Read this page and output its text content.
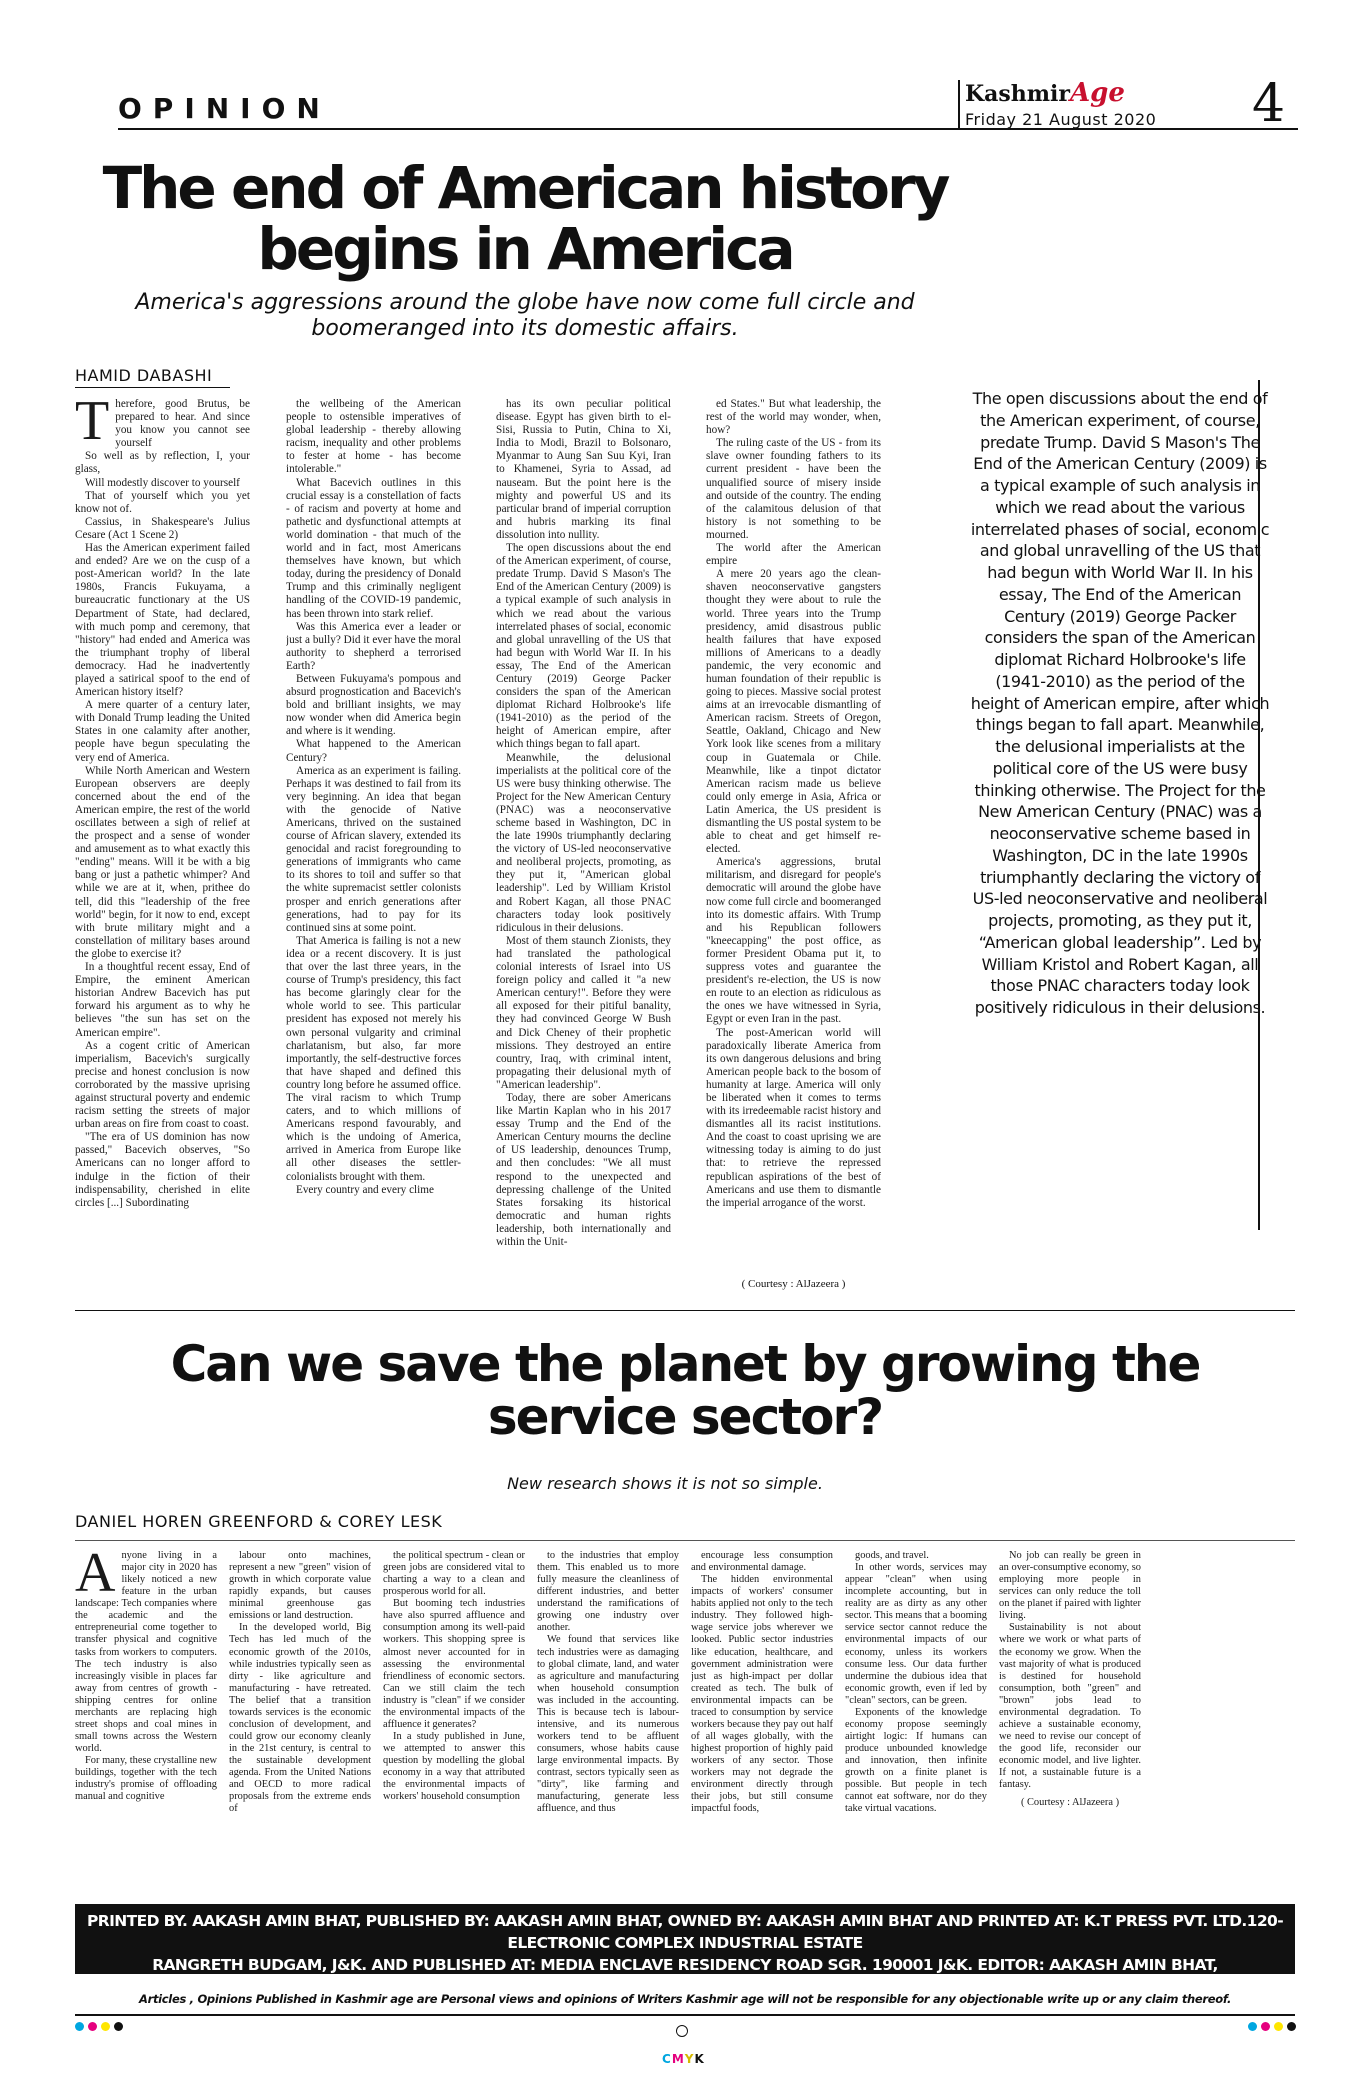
OPINION	KashmirAge
Friday 21 August 2020 4
The end of American history begins in America
America's aggressions around the globe have now come full circle and boomeranged into its domestic affairs.
HAMID DABASHI
T herefore, good Brutus, be prepared to hear. And since you know you cannot see yourself

So well as by reflection, I, your glass,

Will modestly discover to yourself

That of yourself which you yet know not of.

Cassius, in Shakespeare's Julius Cesare (Act 1 Scene 2)

Has the American experiment failed and ended? Are we on the cusp of a post-American world? In the late 1980s, Francis Fukuyama, a bureaucratic functionary at the US Department of State, had declared, with much pomp and ceremony, that "history" had ended and America was the triumphant trophy of liberal democracy. Had he inadvertently played a satirical spoof to the end of American history itself?

A mere quarter of a century later, with Donald Trump leading the United States in one calamity after another, people have begun speculating the very end of America.

While North American and Western European observers are deeply concerned about the end of the American empire, the rest of the world oscillates between a sigh of relief at the prospect and a sense of wonder and amusement as to what exactly this "ending" means. Will it be with a big bang or just a pathetic whimper? And while we are at it, when, prithee do tell, did this "leadership of the free world" begin, for it now to end, except with brute military might and a constellation of military bases around the globe to exercise it?

In a thoughtful recent essay, End of Empire, the eminent American historian Andrew Bacevich has put forward his argument as to why he believes "the sun has set on the American empire".

As a cogent critic of American imperialism, Bacevich's surgically precise and honest conclusion is now corroborated by the massive uprising against structural poverty and endemic racism setting the streets of major urban areas on fire from coast to coast.

"The era of US dominion has now passed," Bacevich observes, "So Americans can no longer afford to indulge in the fiction of their indispensability, cherished in elite circles [...] Subordinating

the wellbeing of the American people to ostensible imperatives of global leadership - thereby allowing racism, inequality and other problems to fester at home - has become intolerable."

What Bacevich outlines in this crucial essay is a constellation of facts - of racism and poverty at home and pathetic and dysfunctional attempts at world domination - that much of the world and in fact, most Americans themselves have known, but which today, during the presidency of Donald Trump and this criminally negligent handling of the COVID-19 pandemic, has been thrown into stark relief.

Was this America ever a leader or just a bully? Did it ever have the moral authority to shepherd a terrorised Earth?

Between Fukuyama's pompous and absurd prognostication and Bacevich's bold and brilliant insights, we may now wonder when did America begin and where is it wending.

What happened to the American Century?

America as an experiment is failing. Perhaps it was destined to fail from its very beginning. An idea that began with the genocide of Native Americans, thrived on the sustained course of African slavery, extended its genocidal and racist foregrounding to generations of immigrants who came to its shores to toil and suffer so that the white supremacist settler colonists prosper and enrich generations after generations, had to pay for its continued sins at some point.

That America is failing is not a new idea or a recent discovery. It is just that over the last three years, in the course of Trump's presidency, this fact has become glaringly clear for the whole world to see. This particular president has exposed not merely his own personal vulgarity and criminal charlatanism, but also, far more importantly, the self-destructive forces that have shaped and defined this country long before he assumed office. The viral racism to which Trump caters, and to which millions of Americans respond favourably, and which is the undoing of America, arrived in America from Europe like all other diseases the settler-colonialists brought with them.

Every country and every clime

has its own peculiar political disease. Egypt has given birth to el-Sisi, Russia to Putin, China to Xi, India to Modi, Brazil to Bolsonaro, Myanmar to Aung San Suu Kyi, Iran to Khamenei, Syria to Assad, ad nauseam. But the point here is the mighty and powerful US and its particular brand of imperial corruption and hubris marking its final dissolution into nullity.

The open discussions about the end of the American experiment, of course, predate Trump. David S Mason's The End of the American Century (2009) is a typical example of such analysis in which we read about the various interrelated phases of social, economic and global unravelling of the US that had begun with World War II. In his essay, The End of the American Century (2019) George Packer considers the span of the American diplomat Richard Holbrooke's life (1941-2010) as the period of the height of American empire, after which things began to fall apart.

Meanwhile, the delusional imperialists at the political core of the US were busy thinking otherwise. The Project for the New American Century (PNAC) was a neoconservative scheme based in Washington, DC in the late 1990s triumphantly declaring the victory of US-led neoconservative and neoliberal projects, promoting, as they put it, "American global leadership". Led by William Kristol and Robert Kagan, all those PNAC characters today look positively ridiculous in their delusions.

Most of them staunch Zionists, they had translated the pathological colonial interests of Israel into US foreign policy and called it "a new American century!". Before they were all exposed for their pitiful banality, they had convinced George W Bush and Dick Cheney of their prophetic missions. They destroyed an entire country, Iraq, with criminal intent, propagating their delusional myth of "American leadership".

Today, there are sober Americans like Martin Kaplan who in his 2017 essay Trump and the End of the American Century mourns the decline of US leadership, denounces Trump, and then concludes: "We all must respond to the unexpected and depressing challenge of the United States forsaking its historical democratic and human rights leadership, both internationally and within the Unit-

ed States." But what leadership, the rest of the world may wonder, when, how?

The ruling caste of the US - from its slave owner founding fathers to its current president - have been the unqualified source of misery inside and outside of the country. The ending of the calamitous delusion of that history is not something to be mourned.

The world after the American empire

A mere 20 years ago the clean-shaven neoconservative gangsters thought they were about to rule the world. Three years into the Trump presidency, amid disastrous public health failures that have exposed millions of Americans to a deadly pandemic, the very economic and human foundation of their republic is going to pieces. Massive social protest aims at an irrevocable dismantling of American racism. Streets of Oregon, Seattle, Oakland, Chicago and New York look like scenes from a military coup in Guatemala or Chile. Meanwhile, like a tinpot dictator American racism made us believe could only emerge in Asia, Africa or Latin America, the US president is dismantling the US postal system to be able to cheat and get himself re-elected.

America's aggressions, brutal militarism, and disregard for people's democratic will around the globe have now come full circle and boomeranged into its domestic affairs. With Trump and his Republican followers "kneecapping" the post office, as former President Obama put it, to suppress votes and guarantee the president's re-election, the US is now en route to an election as ridiculous as the ones we have witnessed in Syria, Egypt or even Iran in the past.

The post-American world will paradoxically liberate America from its own dangerous delusions and bring American people back to the bosom of humanity at large. America will only be liberated when it comes to terms with its irredeemable racist history and dismantles all its racist institutions. And the coast to coast uprising we are witnessing today is aiming to do just that: to retrieve the repressed republican aspirations of the best of Americans and use them to dismantle the imperial arrogance of the worst.

( Courtesy : AlJazeera )
The open discussions about the end of the American experiment, of course, predate Trump. David S Mason's The End of the American Century (2009) is a typical example of such analysis in which we read about the various interrelated phases of social, economic and global unravelling of the US that had begun with World War II. In his essay, The End of the American Century (2019) George Packer considers the span of the American diplomat Richard Holbrooke's life (1941-2010) as the period of the height of American empire, after which things began to fall apart. Meanwhile, the delusional imperialists at the political core of the US were busy thinking otherwise. The Project for the New American Century (PNAC) was a neoconservative scheme based in Washington, DC in the late 1990s triumphantly declaring the victory of US-led neoconservative and neoliberal projects, promoting, as they put it, “American global leadership”. Led by William Kristol and Robert Kagan, all those PNAC characters today look positively ridiculous in their delusions.
Can we save the planet by growing the service sector?
New research shows it is not so simple.
DANIEL HOREN GREENFORD & COREY LESK
A nyone living in a major city in 2020 has likely noticed a new feature in the urban landscape: Tech companies where the academic and the entrepreneurial come together to transfer physical and cognitive tasks from workers to computers. The tech industry is also increasingly visible in places far away from centres of growth - shipping centres for online merchants are replacing high street shops and coal mines in small towns across the Western world.

For many, these crystalline new buildings, together with the tech industry's promise of offloading manual and cognitive

labour onto machines, represent a new "green" vision of growth in which corporate value rapidly expands, but causes minimal greenhouse gas emissions or land destruction.

In the developed world, Big Tech has led much of the economic growth of the 2010s, while industries typically seen as dirty - like agriculture and manufacturing - have retreated. The belief that a transition towards services is the economic conclusion of development, and could grow our economy cleanly in the 21st century, is central to the sustainable development agenda. From the United Nations and OECD to more radical proposals from the extreme ends of

the political spectrum - clean or green jobs are considered vital to charting a way to a clean and prosperous world for all.

But booming tech industries have also spurred affluence and consumption among its well-paid workers. This shopping spree is almost never accounted for in assessing the environmental friendliness of economic sectors. Can we still claim the tech industry is "clean" if we consider the environmental impacts of the affluence it generates?

In a study published in June, we attempted to answer this question by modelling the global economy in a way that attributed the environmental impacts of workers' household consumption

to the industries that employ them. This enabled us to more fully measure the cleanliness of different industries, and better understand the ramifications of growing one industry over another.

We found that services like tech industries were as damaging to global climate, land, and water as agriculture and manufacturing when household consumption was included in the accounting. This is because tech is labour-intensive, and its numerous workers tend to be affluent consumers, whose habits cause large environmental impacts. By contrast, sectors typically seen as "dirty", like farming and manufacturing, generate less affluence, and thus

encourage less consumption and environmental damage.

The hidden environmental impacts of workers' consumer habits applied not only to the tech industry. They followed high-wage service jobs wherever we looked. Public sector industries like education, healthcare, and government administration were just as high-impact per dollar created as tech. The bulk of environmental impacts can be traced to consumption by service workers because they pay out half of all wages globally, with the highest proportion of highly paid workers of any sector. Those workers may not degrade the environment directly through their jobs, but still consume impactful foods,

goods, and travel.

In other words, services may appear "clean" when using incomplete accounting, but in reality are as dirty as any other sector. This means that a booming service sector cannot reduce the environmental impacts of our economy, unless its workers consume less. Our data further undermine the dubious idea that economic growth, even if led by "clean" sectors, can be green.

Exponents of the knowledge economy propose seemingly airtight logic: If humans can produce unbounded knowledge and innovation, then infinite growth on a finite planet is possible. But people in tech cannot eat software, nor do they take virtual vacations.

No job can really be green in an over-consumptive economy, so employing more people in services can only reduce the toll on the planet if paired with lighter living.

Sustainability is not about where we work or what parts of the economy we grow. When the vast majority of what is produced is destined for household consumption, both "green" and "brown" jobs lead to environmental degradation. To achieve a sustainable economy, we need to revise our concept of the good life, reconsider our economic model, and live lighter. If not, a sustainable future is a fantasy.

( Courtesy : AlJazeera )
PRINTED BY. AAKASH AMIN BHAT, PUBLISHED BY: AAKASH AMIN BHAT, OWNED BY: AAKASH AMIN BHAT AND PRINTED AT: K.T PRESS PVT. LTD.120- ELECTRONIC COMPLEX INDUSTRIAL ESTATE
RANGRETH BUDGAM, J&K. AND PUBLISHED AT: MEDIA ENCLAVE RESIDENCY ROAD SGR. 190001 J&K. EDITOR: AAKASH AMIN BHAT, JKENG/2006/23952
Articles , Opinions Published in Kashmir age are Personal views and opinions of Writers Kashmir age will not be responsible for any objectionable write up or any claim thereof.
CMYK
